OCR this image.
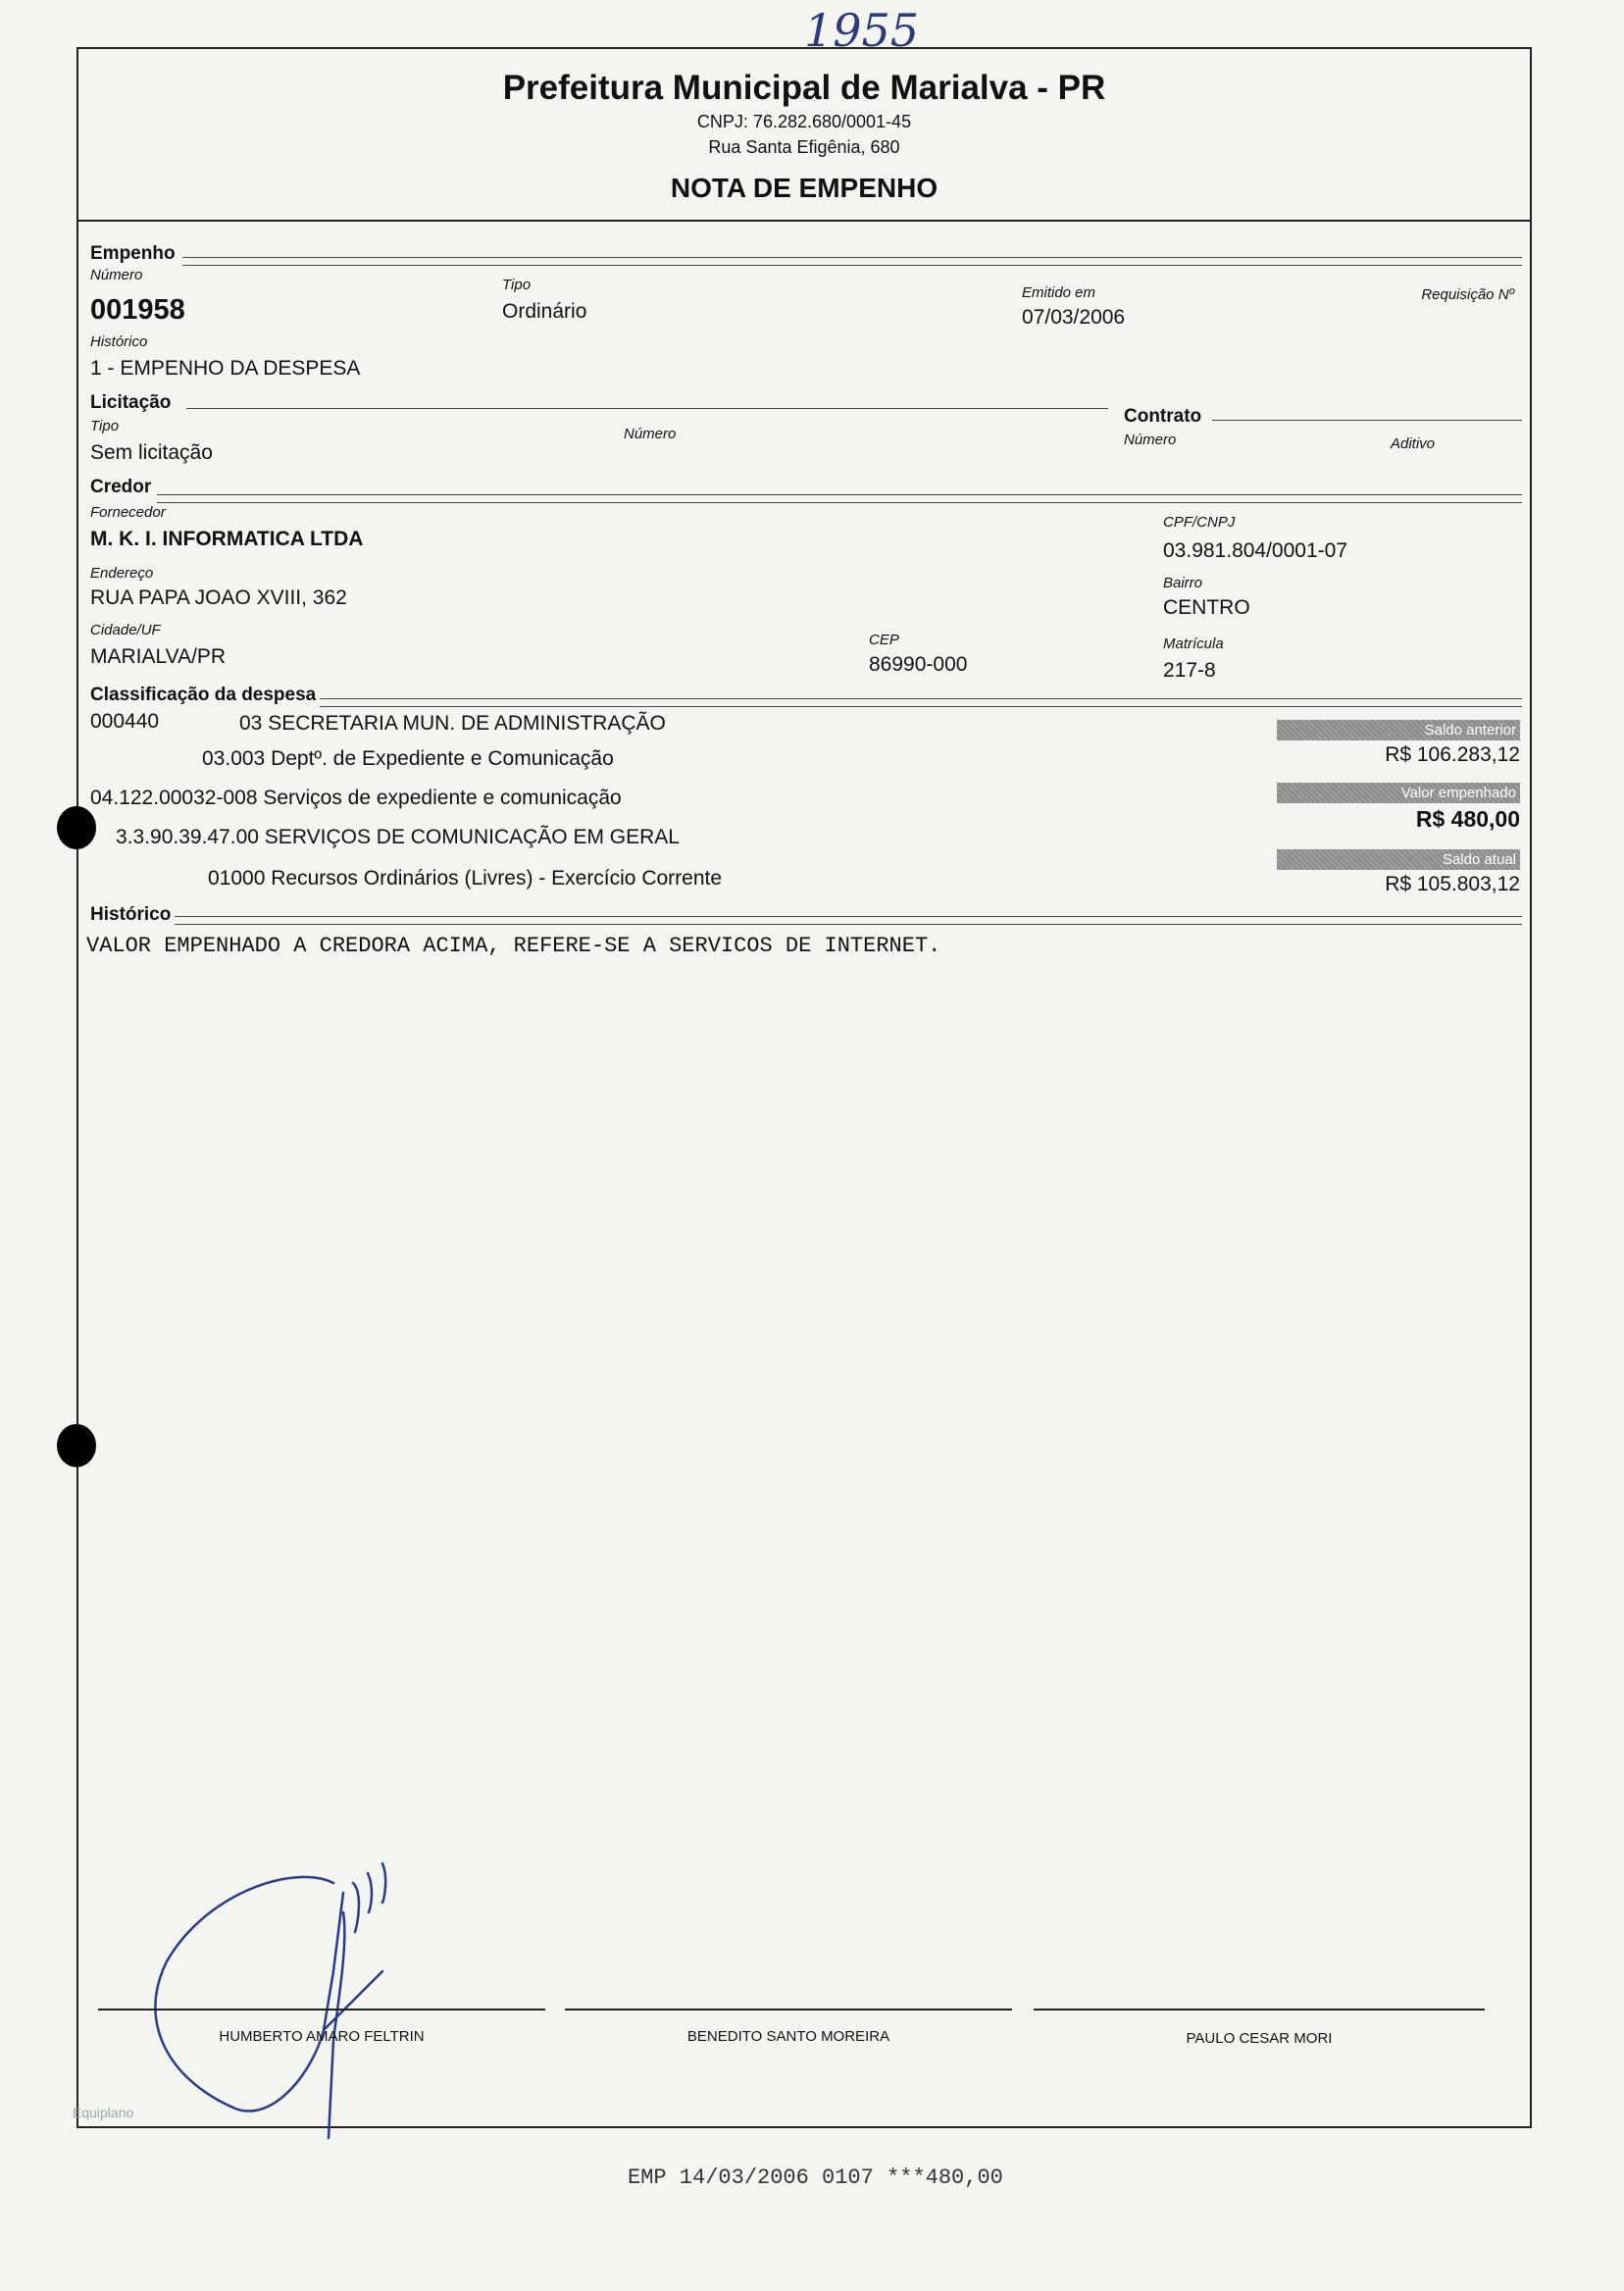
1955
Prefeitura Municipal de Marialva - PR
CNPJ: 76.282.680/0001-45
Rua Santa Efigênia, 680
NOTA DE EMPENHO
Empenho
Número
001958
Tipo
Ordinário
Emitido em
07/03/2006
Requisição Nº
Histórico
1 - EMPENHO DA DESPESA
Licitação
Tipo
Sem licitação
Número
Contrato
Número	Aditivo
Credor
Fornecedor
M. K. I. INFORMATICA LTDA
CPF/CNPJ
03.981.804/0001-07
Endereço
RUA PAPA JOAO XVIII, 362
Bairro
CENTRO
Cidade/UF
MARIALVA/PR
CEP
86990-000
Matrícula
217-8
Classificação da despesa
000440	03 SECRETARIA MUN. DE ADMINISTRAÇÃO
03.003 Deptº. de Expediente e Comunicação
04.122.00032-008 Serviços de expediente e comunicação
3.3.90.39.47.00 SERVIÇOS DE COMUNICAÇÃO EM GERAL
01000 Recursos Ordinários (Livres) - Exercício Corrente
Saldo anterior
R$ 106.283,12
Valor empenhado
R$ 480,00
Saldo atual
R$ 105.803,12
Histórico
VALOR EMPENHADO A CREDORA ACIMA, REFERE-SE A SERVICOS DE INTERNET.
HUMBERTO AMARO FELTRIN	BENEDITO SANTO MOREIRA	PAULO CESAR MORI
Equiplano
EMP 14/03/2006 0107 ***480,00
